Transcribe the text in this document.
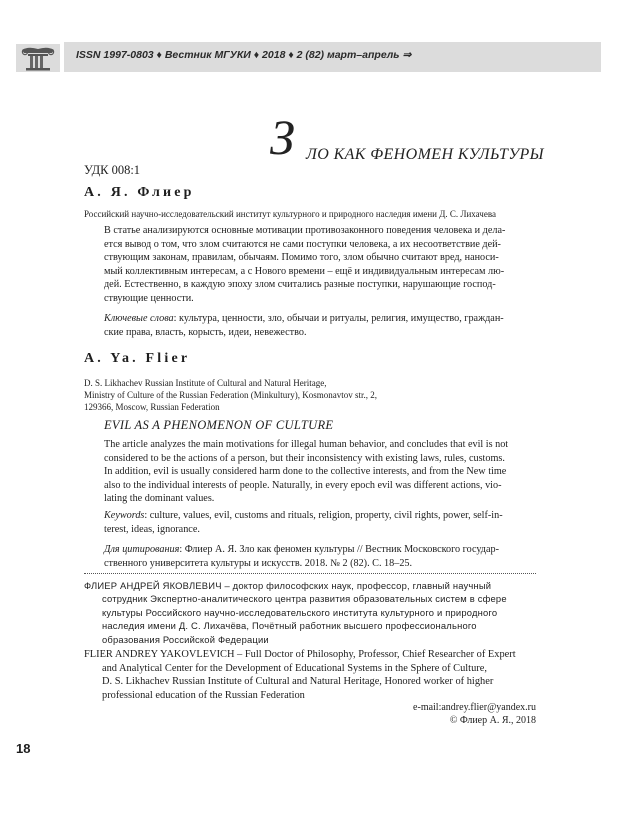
ISSN 1997-0803 ♦ Вестник МГУКИ ♦ 2018 ♦ 2 (82) март–апрель ⇒
З ЛО КАК ФЕНОМЕН КУЛЬТУРЫ
УДК 008:1
А. Я. Флиер
Российский научно-исследовательский институт культурного и природного наследия имени Д. С. Лихачева
В статье анализируются основные мотивации противозаконного поведения человека и дела-
ется вывод о том, что злом считаются не сами поступки человека, а их несоответствие дей-
ствующим законам, правилам, обычаям. Помимо того, злом обычно считают вред, наноси-
мый коллективным интересам, а с Нового времени – ещё и индивидуальным интересам лю-
дей. Естественно, в каждую эпоху злом считались разные поступки, нарушающие господ-
ствующие ценности.
Ключевые слова: культура, ценности, зло, обычаи и ритуалы, религия, имущество, граждан-
ские права, власть, корысть, идеи, невежество.
A. Ya. Flier
D. S. Likhachev Russian Institute of Cultural and Natural Heritage,
Ministry of Culture of the Russian Federation (Minkultury), Kosmonavtov str., 2,
129366, Moscow, Russian Federation
EVIL AS A PHENOMENON OF CULTURE
The article analyzes the main motivations for illegal human behavior, and concludes that evil is not
considered to be the actions of a person, but their inconsistency with existing laws, rules, customs.
In addition, evil is usually considered harm done to the collective interests, and from the New time
also to the individual interests of people. Naturally, in every epoch evil was different actions, vio-
lating the dominant values.
Keywords: culture, values, evil, customs and rituals, religion, property, civil rights, power, self-in-
terest, ideas, ignorance.
Для цитирования: Флиер А. Я. Зло как феномен культуры // Вестник Московского государ-
ственного университета культуры и искусств. 2018. № 2 (82). С. 18–25.
ФЛИЕР АНДРЕЙ ЯКОВЛЕВИЧ – доктор философских наук, профессор, главный научный
сотрудник Экспертно-аналитического центра развития образовательных систем в сфере
культуры Российского научно-исследовательского института культурного и природного
наследия имени Д. С. Лихачёва, Почётный работник высшего профессионального
образования Российской Федерации
FLIER ANDREY YAKOVLEVICH – Full Doctor of Philosophy, Professor, Chief Researcher of Expert
and Analytical Center for the Development of Educational Systems in the Sphere of Culture,
D. S. Likhachev Russian Institute of Cultural and Natural Heritage, Honored worker of higher
professional education of the Russian Federation
e-mail:andrey.flier@yandex.ru
© Флиер А. Я., 2018
18
